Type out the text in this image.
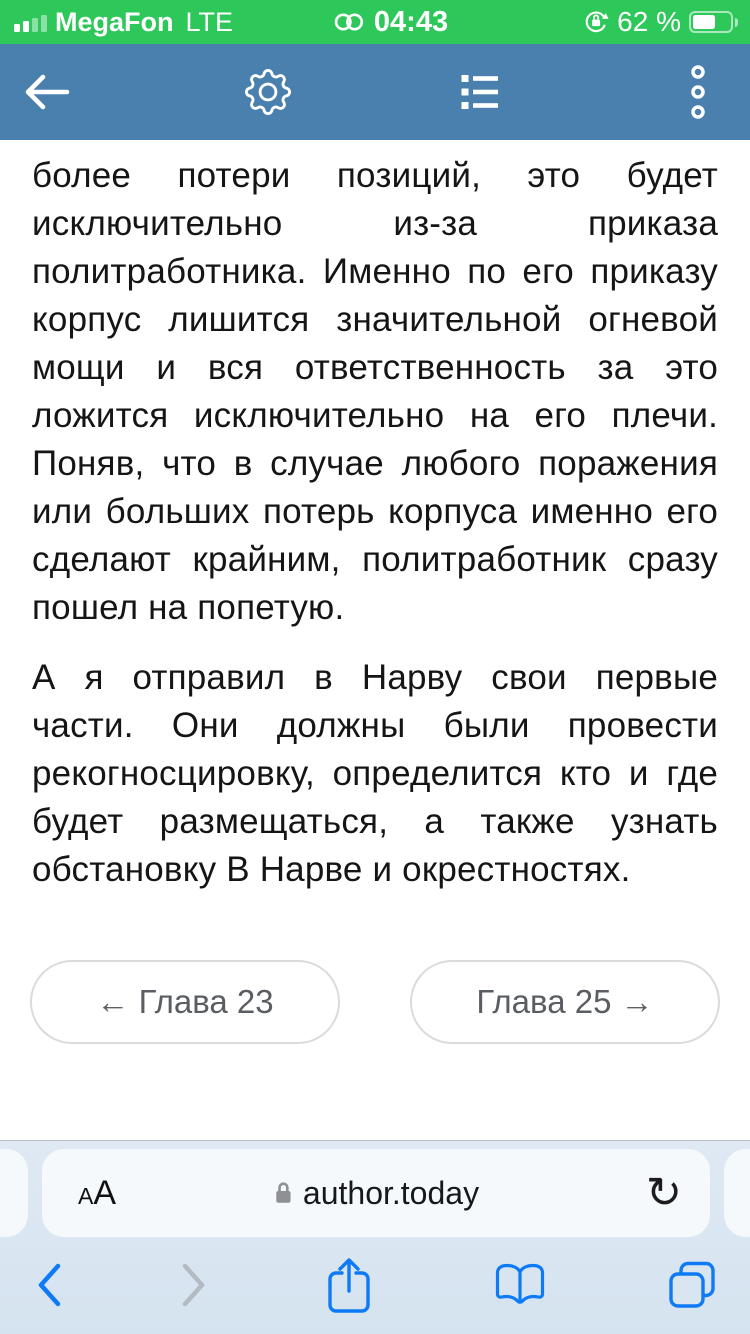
MegaFon LTE	04:43	62 %
более потери позиций, это будет
исключительно из-за приказа
политработника. Именно по его приказу
корпус лишится значительной огневой
мощи и вся ответственность за это
ложится исключительно на его плечи.
Поняв, что в случае любого поражения
или больших потерь корпуса именно его
сделают крайним, политработник сразу
пошел на попетую.
А я отправил в Нарву свои первые
части. Они должны были провести
рекогносцировку, определится кто и где
будет размещаться, а также узнать
обстановку В Нарве и окрестностях.
← Глава 23	Глава 25 →
AA	author.today	↻
